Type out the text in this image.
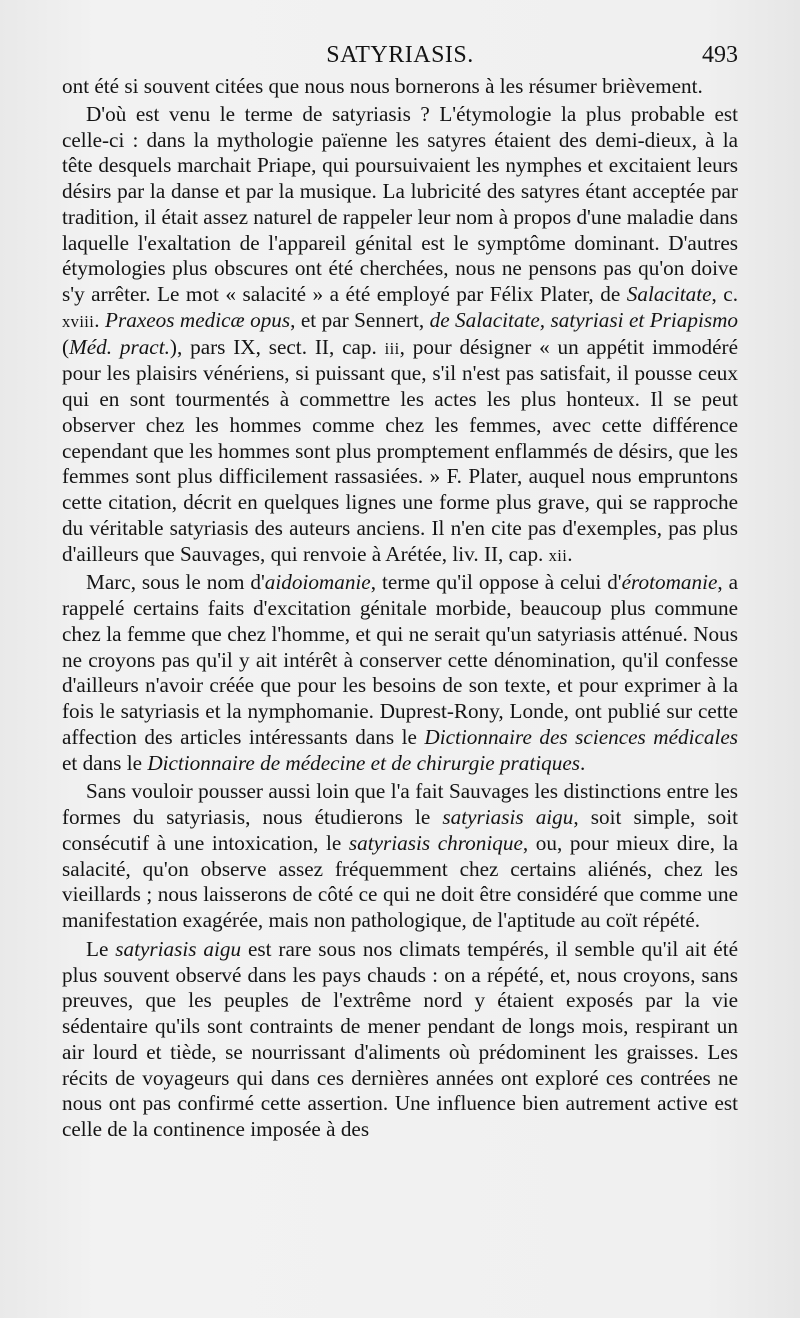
SATYRIASIS.	493

ont été si souvent citées que nous nous bornerons à les résumer brièvement.

D'où est venu le terme de satyriasis ? L'étymologie la plus probable est celle-ci : dans la mythologie païenne les satyres étaient des demi-dieux, à la tête desquels marchait Priape, qui poursuivaient les nymphes et excitaient leurs désirs par la danse et par la musique. La lubricité des satyres étant acceptée par tradition, il était assez naturel de rappeler leur nom à propos d'une maladie dans laquelle l'exaltation de l'appareil génital est le symptôme dominant. D'autres étymologies plus obscures ont été cherchées, nous ne pensons pas qu'on doive s'y arrêter. Le mot « salacité » a été employé par Félix Plater, de Salacitate, c. xviii. Praxeos medicæ opus, et par Sennert, de Salacitate, satyriasi et Priapismo (Méd. pract.), pars IX, sect. II, cap. iii, pour désigner « un appétit immodéré pour les plaisirs vénériens, si puissant que, s'il n'est pas satisfait, il pousse ceux qui en sont tourmentés à commettre les actes les plus honteux. Il se peut observer chez les hommes comme chez les femmes, avec cette différence cependant que les hommes sont plus promptement enflammés de désirs, que les femmes sont plus difficilement rassasiées. » F. Plater, auquel nous empruntons cette citation, décrit en quelques lignes une forme plus grave, qui se rapproche du véritable satyriasis des auteurs anciens. Il n'en cite pas d'exemples, pas plus d'ailleurs que Sauvages, qui renvoie à Arétée, liv. II, cap. xii.

Marc, sous le nom d'aidoiomanie, terme qu'il oppose à celui d'érotomanie, a rappelé certains faits d'excitation génitale morbide, beaucoup plus commune chez la femme que chez l'homme, et qui ne serait qu'un satyriasis atténué. Nous ne croyons pas qu'il y ait intérêt à conserver cette dénomination, qu'il confesse d'ailleurs n'avoir créée que pour les besoins de son texte, et pour exprimer à la fois le satyriasis et la nymphomanie. Duprest-Rony, Londe, ont publié sur cette affection des articles intéressants dans le Dictionnaire des sciences médicales et dans le Dictionnaire de médecine et de chirurgie pratiques.

Sans vouloir pousser aussi loin que l'a fait Sauvages les distinctions entre les formes du satyriasis, nous étudierons le satyriasis aigu, soit simple, soit consécutif à une intoxication, le satyriasis chronique, ou, pour mieux dire, la salacité, qu'on observe assez fréquemment chez certains aliénés, chez les vieillards ; nous laisserons de côté ce qui ne doit être considéré que comme une manifestation exagérée, mais non pathologique, de l'aptitude au coït répété.

Le satyriasis aigu est rare sous nos climats tempérés, il semble qu'il ait été plus souvent observé dans les pays chauds : on a répété, et, nous croyons, sans preuves, que les peuples de l'extrême nord y étaient exposés par la vie sédentaire qu'ils sont contraints de mener pendant de longs mois, respirant un air lourd et tiède, se nourrissant d'aliments où prédominent les graisses. Les récits de voyageurs qui dans ces dernières années ont exploré ces contrées ne nous ont pas confirmé cette assertion. Une influence bien autrement active est celle de la continence imposée à des
